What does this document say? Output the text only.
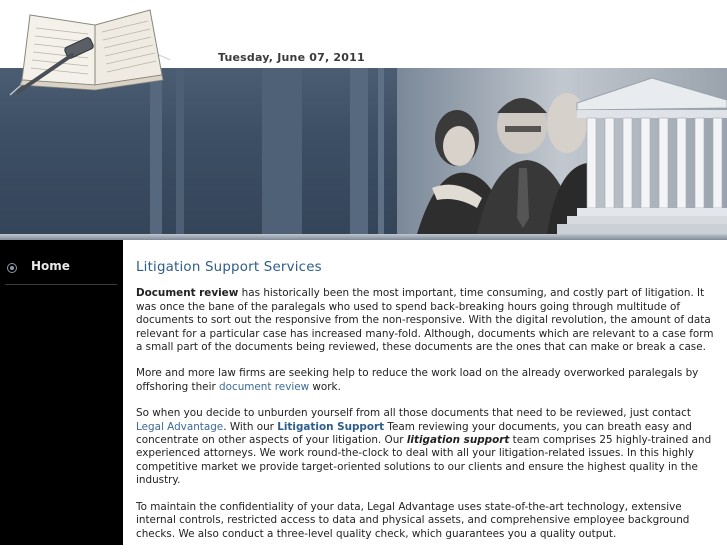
Tuesday, June 07, 2011
Home	Litigation Support Services

Document review has historically been the most important, time consuming, and costly part of litigation. It was once the bane of the paralegals who used to spend back-breaking hours going through multitude of documents to sort out the responsive from the non-responsive. With the digital revolution, the amount of data relevant for a particular case has increased many-fold. Although, documents which are relevant to a case form a small part of the documents being reviewed, these documents are the ones that can make or break a case.

More and more law firms are seeking help to reduce the work load on the already overworked paralegals by offshoring their document review work.

So when you decide to unburden yourself from all those documents that need to be reviewed, just contact Legal Advantage. With our Litigation Support Team reviewing your documents, you can breath easy and concentrate on other aspects of your litigation. Our litigation support team comprises 25 highly-trained and experienced attorneys. We work round-the-clock to deal with all your litigation-related issues. In this highly competitive market we provide target-oriented solutions to our clients and ensure the highest quality in the industry.

To maintain the confidentiality of your data, Legal Advantage uses state-of-the-art technology, extensive internal controls, restricted access to data and physical assets, and comprehensive employee background checks. We also conduct a three-level quality check, which guarantees you a quality output.
